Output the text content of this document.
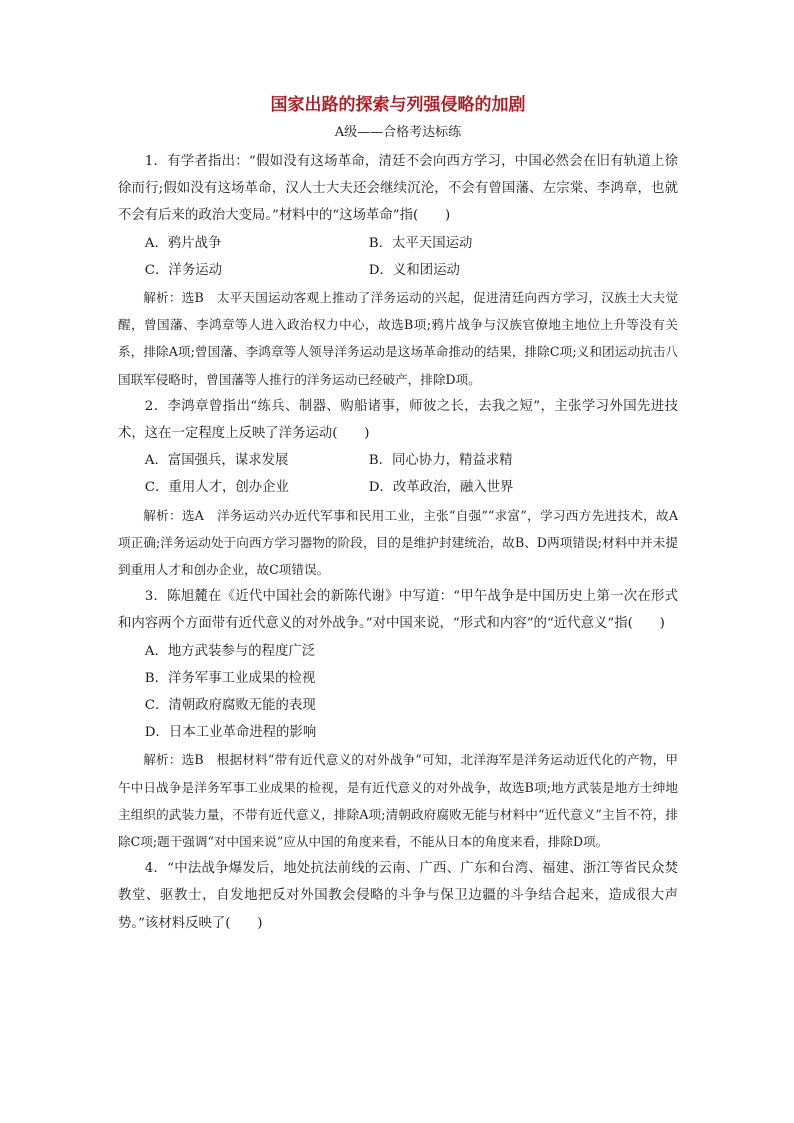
国家出路的探索与列强侵略的加剧
A级——合格考达标练

1．有学者指出：“假如没有这场革命，清廷不会向西方学习，中国必然会在旧有轨道上徐徐而行;假如没有这场革命，汉人士大夫还会继续沉沦，不会有曾国藩、左宗棠、李鸿章，也就不会有后来的政治大变局。”材料中的“这场革命”指(　　)

A．鸦片战争	B．太平天国运动
C．洋务运动	D．义和团运动

解析：选B　太平天国运动客观上推动了洋务运动的兴起，促进清廷向西方学习，汉族士大夫觉醒，曾国藩、李鸿章等人进入政治权力中心，故选B项;鸦片战争与汉族官僚地主地位上升等没有关系，排除A项;曾国藩、李鸿章等人领导洋务运动是这场革命推动的结果，排除C项;义和团运动抗击八国联军侵略时，曾国藩等人推行的洋务运动已经破产，排除D项。

2．李鸿章曾指出“练兵、制器、购船诸事，师彼之长，去我之短”，主张学习外国先进技术，这在一定程度上反映了洋务运动(　　)

A．富国强兵，谋求发展	B．同心协力，精益求精
C．重用人才，创办企业	D．改革政治，融入世界

解析：选A　洋务运动兴办近代军事和民用工业，主张“自强”“求富”，学习西方先进技术，故A项正确;洋务运动处于向西方学习器物的阶段，目的是维护封建统治，故B、D两项错误;材料中并未提到重用人才和创办企业，故C项错误。

3．陈旭麓在《近代中国社会的新陈代谢》中写道：“甲午战争是中国历史上第一次在形式和内容两个方面带有近代意义的对外战争。”对中国来说，“形式和内容”的“近代意义”指(　　)

A．地方武装参与的程度广泛
B．洋务军事工业成果的检视
C．清朝政府腐败无能的表现
D．日本工业革命进程的影响

解析：选B　根据材料“带有近代意义的对外战争”可知，北洋海军是洋务运动近代化的产物，甲午中日战争是洋务军事工业成果的检视，是有近代意义的对外战争，故选B项;地方武装是地方士绅地主组织的武装力量，不带有近代意义，排除A项;清朝政府腐败无能与材料中“近代意义”主旨不符，排除C项;题干强调“对中国来说”应从中国的角度来看，不能从日本的角度来看，排除D项。

4．“中法战争爆发后，地处抗法前线的云南、广西、广东和台湾、福建、浙江等省民众焚教堂、驱教士，自发地把反对外国教会侵略的斗争与保卫边疆的斗争结合起来，造成很大声势。”该材料反映了(　　)
